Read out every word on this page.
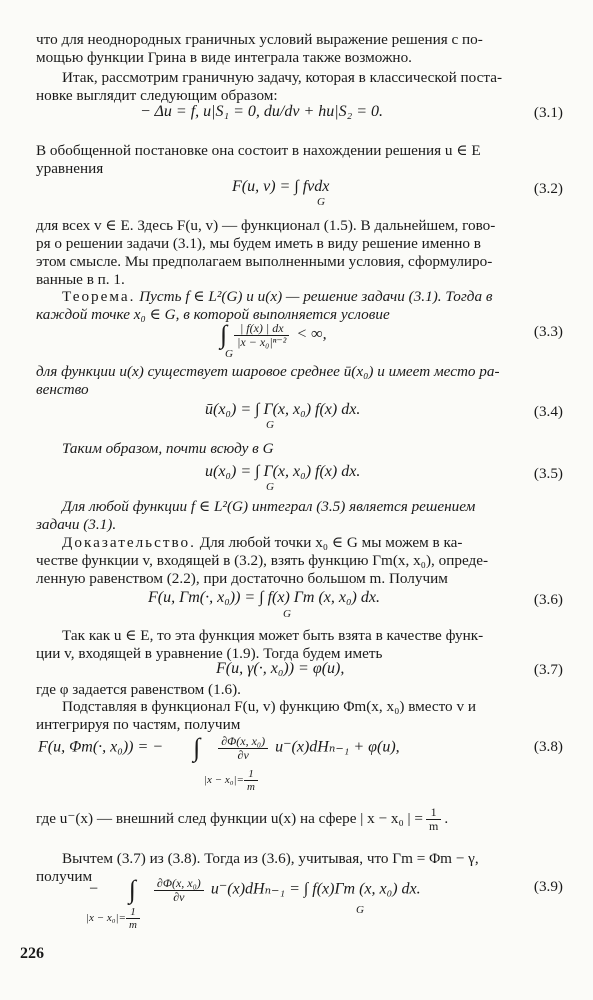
что для неоднородных граничных условий выражение решения с по-
мощью функции Грина в виде интеграла также возможно.
Итак, рассмотрим граничную задачу, которая в классической поста-
новке выглядит следующим образом:
− Δu = f, u|S₁ = 0, du/dν + hu|S₂ = 0.	(3.1)
В обобщенной постановке она состоит в нахождении решения u ∈ E
уравнения
F(u, v) = ∫ fvdx
G
(3.2)
для всех v ∈ E. Здесь F(u, v) — функционал (1.5). В дальнейшем, гово-
ря о решении задачи (3.1), мы будем иметь в виду решение именно в
этом смысле. Мы предполагаем выполненными условия, сформулиро-
ванные в п. 1.
Теорема. Пусть f ∈ L²(G) и u(x) — решение задачи (3.1). Тогда в
каждой точке x₀ ∈ G, в которой выполняется условие
∫ $\frac{| f(x) | dx}{\text{|x − x₀|ⁿ⁻²}}$ < ∞,
G
(3.3)
для функции u(x) существует шаровое среднее ū(x₀) и имеет место ра-
венство
ū(x₀) = ∫ Γ(x, x₀) f(x) dx.
G
(3.4)
Таким образом, почти всюду в G
u(x₀) = ∫ Γ(x, x₀) f(x) dx.
G
(3.5)
Для любой функции f ∈ L²(G) интеграл (3.5) является решением
задачи (3.1).
Доказательство. Для любой точки x₀ ∈ G мы можем в ка-
честве функции v, входящей в (3.2), взять функцию Γm(x, x₀), опреде-
ленную равенством (2.2), при достаточно большом m. Получим
F(u, Γm(·, x₀)) = ∫ f(x) Γm (x, x₀) dx.
G
(3.6)
Так как u ∈ E, то эта функция может быть взята в качестве функ-
ции v, входящей в уравнение (1.9). Тогда будем иметь
F(u, γ(·, x₀)) = φ(u),	(3.7)
где φ задается равенством (1.6).
Подставляя в функционал F(u, v) функцию Φm(x, x₀) вместо v и
интегрируя по частям, получим
F(u, Φm(·, x₀)) = − ∫ $\frac{\text{∂Φ(x, x₀)}}{\partial\nu} u^-(x)dH_{n-1} + \varphi(u)$,
$|x - x_0|= \frac{1}{m}$
(3.8)
где u⁻(x) — внешний след функции u(x) на сфере | x − x₀ | = $\frac{1}{m}$ .
Вычтем (3.7) из (3.8). Тогда из (3.6), учитывая, что Γm = Φm − γ,
получим
− ∫ $\frac{\text{∂Φ(x, x₀)}}{\partial\nu} u^-(x)dH_{n-1}$ = ∫ f(x)Γm (x, x₀) dx.
$|x - x_0|= \frac{1}{m}$	G
(3.9)
226
